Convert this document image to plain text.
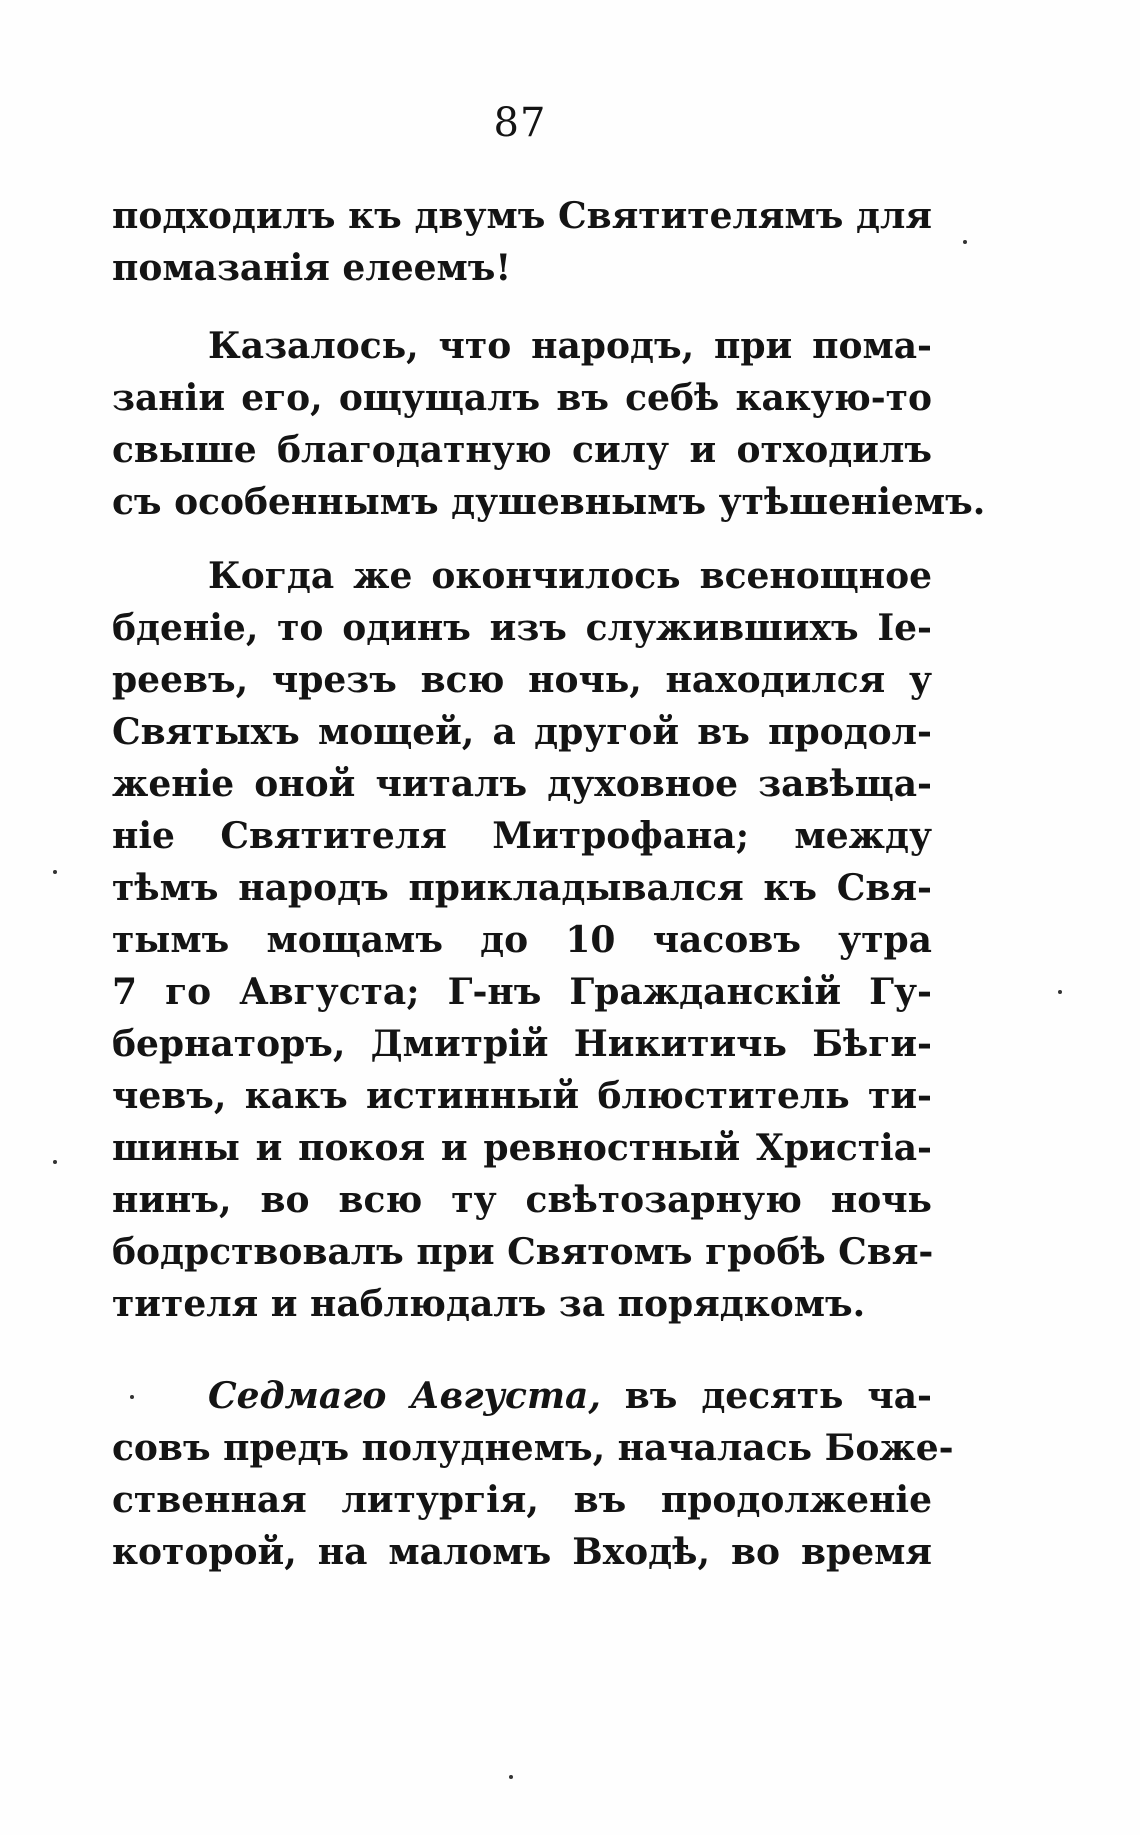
87
подходилъ къ двумъ Святителямъ для
помазанія елеемъ!
Казалось, что народъ, при пома-
заніи его, ощущалъ въ себѣ какую-то
свыше благодатную силу и отходилъ
съ особеннымъ душевнымъ утѣшеніемъ.
Когда же окончилось всенощное
бденіе, то одинъ изъ служившихъ Іе-
реевъ, чрезъ всю ночь, находился у
Святыхъ мощей, а другой въ продол-
женіе оной читалъ духовное завѣща-
ніе Святителя Митрофана; между
тѣмъ народъ прикладывался къ Свя-
тымъ мощамъ до 10 часовъ утра
7 го Августа; Г-нъ Гражданскій Гу-
бернаторъ, Дмитрій Никитичь Бѣги-
чевъ, какъ истинный блюститель ти-
шины и покоя и ревностный Христіа-
нинъ, во всю ту свѣтозарную ночь
бодрствовалъ при Святомъ гробѣ Свя-
тителя и наблюдалъ за порядкомъ.
Седмаго Августа, въ десять ча-
совъ предъ полуднемъ, началась Боже-
ственная литургія, въ продолженіе
которой, на маломъ Входѣ, во время
